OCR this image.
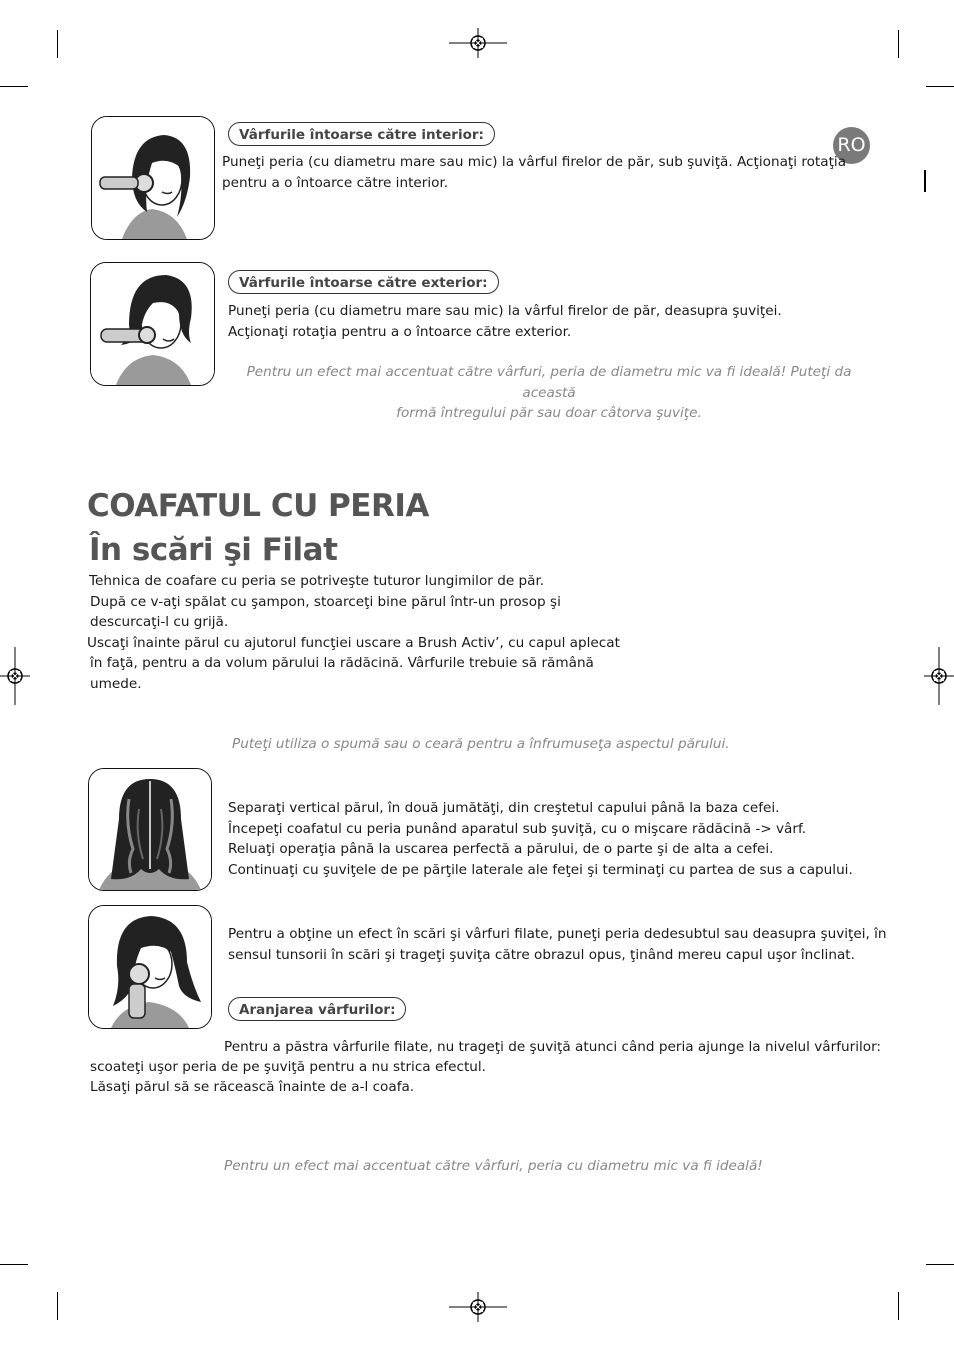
RO
Vârfurile întoarse către interior:
Puneţi peria (cu diametru mare sau mic) la vârful firelor de păr, sub şuviţă. Acţionaţi rotaţia
pentru a o întoarce către interior.
Vârfurile întoarse către exterior:
Puneţi peria (cu diametru mare sau mic) la vârful firelor de păr, deasupra şuviţei.
Acţionaţi rotaţia pentru a o întoarce către exterior.
Pentru un efect mai accentuat către vârfuri, peria de diametru mic va fi ideală! Puteţi da această
formă întregului păr sau doar câtorva şuviţe.
COAFATUL CU PERIA
În scări şi Filat
Tehnica de coafare cu peria se potriveşte tuturor lungimilor de păr.
După ce v-aţi spălat cu şampon, stoarceţi bine părul într-un prosop şi
descurcaţi-l cu grijă.
Uscaţi înainte părul cu ajutorul funcţiei uscare a Brush Activ’, cu capul aplecat
în faţă, pentru a da volum părului la rădăcină. Vârfurile trebuie să rămână
umede.
Puteţi utiliza o spumă sau o ceară pentru a înfrumuseţa aspectul părului.
Separaţi vertical părul, în două jumătăţi, din creştetul capului până la baza cefei.
Începeţi coafatul cu peria punând aparatul sub şuviţă, cu o mişcare rădăcină -> vârf.
Reluaţi operaţia până la uscarea perfectă a părului, de o parte şi de alta a cefei.
Continuaţi cu şuviţele de pe părţile laterale ale feţei şi terminaţi cu partea de sus a capului.
Pentru a obţine un efect în scări şi vârfuri filate, puneţi peria dedesubtul sau deasupra şuviţei, în
sensul tunsorii în scări şi trageţi şuviţa către obrazul opus, ţinând mereu capul uşor înclinat.
Aranjarea vârfurilor:
Pentru a păstra vârfurile filate, nu trageţi de şuviţă atunci când peria ajunge la nivelul vârfurilor:
scoateţi uşor peria de pe şuviţă pentru a nu strica efectul.
Lăsaţi părul să se răcească înainte de a-l coafa.
Pentru un efect mai accentuat către vârfuri, peria cu diametru mic va fi ideală!
